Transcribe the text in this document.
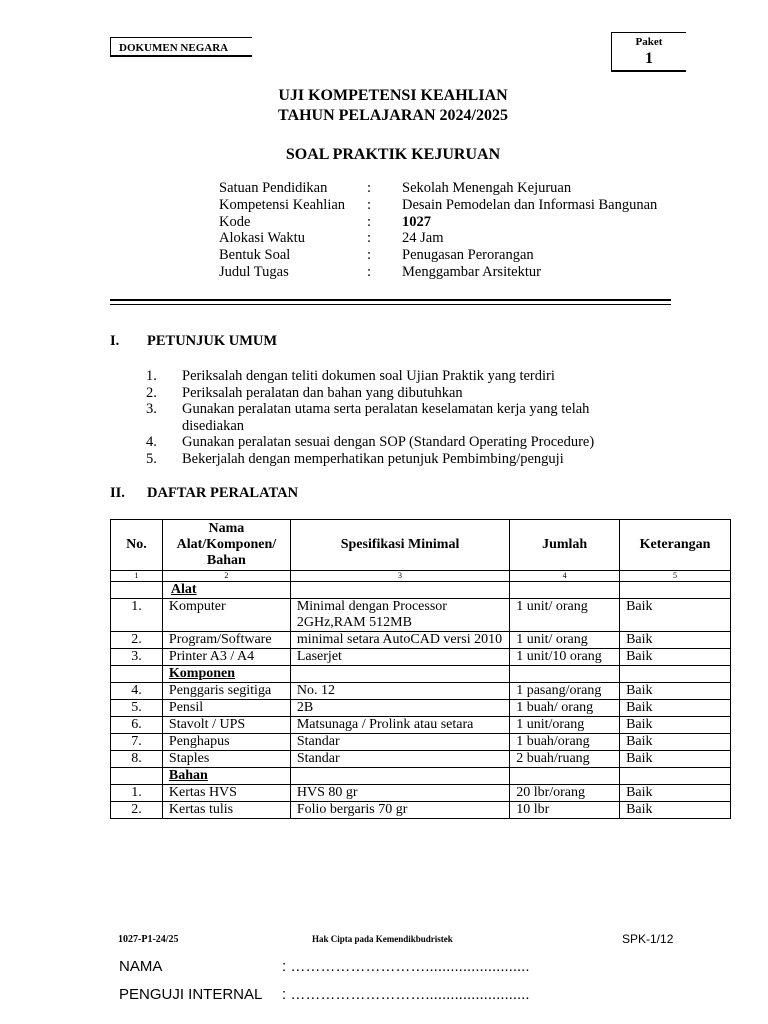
DOKUMEN NEGARA	Paket
1
UJI KOMPETENSI KEAHLIAN
TAHUN PELAJARAN 2024/2025
SOAL PRAKTIK KEJURUAN
Satuan Pendidikan	: Sekolah Menengah Kejuruan
Kompetensi Keahlian : Desain Pemodelan dan Informasi Bangunan
Kode	: 1027
Alokasi Waktu	: 24 Jam
Bentuk Soal	: Penugasan Perorangan
Judul Tugas	: Menggambar Arsitektur
I. PETUNJUK UMUM
1. Periksalah dengan teliti dokumen soal Ujian Praktik yang terdiri
2. Periksalah peralatan dan bahan yang dibutuhkan
3. Gunakan peralatan utama serta peralatan keselamatan kerja yang telah disediakan
4. Gunakan peralatan sesuai dengan SOP (Standard Operating Procedure)
5. Bekerjalah dengan memperhatikan petunjuk Pembimbing/penguji
II. DAFTAR PERALATAN
No.	Nama Alat/Komponen/ Bahan	Spesifikasi Minimal	Jumlah	Keterangan
1	2	3	4	5
	Alat			
1.	Komputer	Minimal dengan Processor 2GHz,RAM 512MB	1 unit/ orang	Baik
2.	Program/Software	minimal setara AutoCAD versi 2010	1 unit/ orang	Baik
3.	Printer A3 / A4	Laserjet	1 unit/10 orang	Baik
	Komponen			
4.	Penggaris segitiga	No. 12	1 pasang/orang	Baik
5.	Pensil	2B	1 buah/ orang	Baik
6.	Stavolt / UPS	Matsunaga / Prolink atau setara	1 unit/orang	Baik
7.	Penghapus	Standar	1 buah/orang	Baik
8.	Staples	Standar	2 buah/ruang	Baik
	Bahan			
1.	Kertas HVS	HVS 80 gr	20 lbr/orang	Baik
2.	Kertas tulis	Folio bergaris 70 gr	10 lbr	Baik
1027-P1-24/25	Hak Cipta pada Kemendikbudristek	SPK-1/12
NAMA	: ……………………….........................
PENGUJI INTERNAL : ……………………….........................
